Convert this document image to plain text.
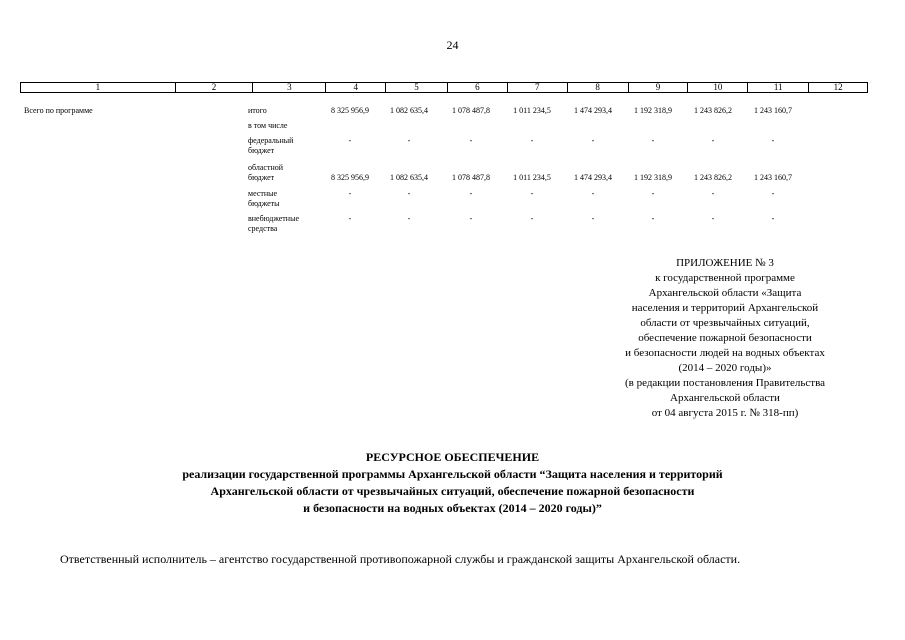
24
1	2	3	4	5	6	7	8	9	10	11	12
Всего по программе	итого	8 325 956,9	1 082 635,4	1 078 487,8	1 011 234,5	1 474 293,4	1 192 318,9	1 243 826,2	1 243 160,7
в том числе
федеральный
бюджет
-	-	-	-	-	-	-	-
областной
бюджет	8 325 956,9	1 082 635,4	1 078 487,8	1 011 234,5	1 474 293,4	1 192 318,9	1 243 826,2	1 243 160,7
местные
бюджеты
-	-	-	-	-	-	-	-
внебюджетные
средства
-	-	-	-	-	-	-	-
ПРИЛОЖЕНИЕ № 3
к государственной программе
Архангельской области «Защита
населения и территорий Архангельской
области от чрезвычайных ситуаций,
обеспечение пожарной безопасности
и безопасности людей на водных объектах
(2014 – 2020 годы)»
(в редакции постановления Правительства
Архангельской области
от 04 августа 2015 г. № 318-пп)
РЕСУРСНОЕ ОБЕСПЕЧЕНИЕ
реализации государственной программы Архангельской области “Защита населения и территорий
Архангельской области от чрезвычайных ситуаций, обеспечение пожарной безопасности
и безопасности на водных объектах (2014 – 2020 годы)”
Ответственный исполнитель – агентство государственной противопожарной службы и гражданской защиты Архангельской области.
